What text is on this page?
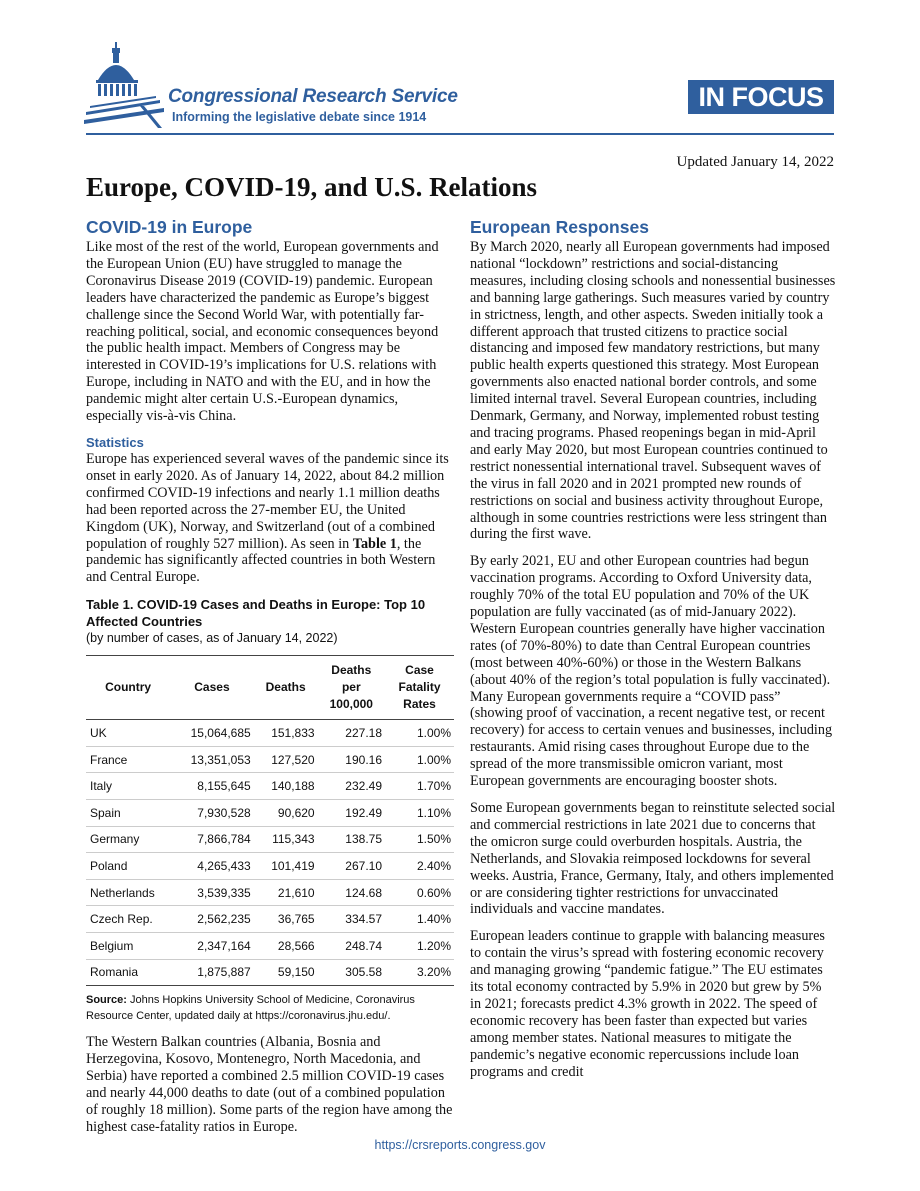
Congressional Research Service
Informing the legislative debate since 1914
IN FOCUS
Updated January 14, 2022
Europe, COVID-19, and U.S. Relations
COVID-19 in Europe

Like most of the rest of the world, European governments and the European Union (EU) have struggled to manage the Coronavirus Disease 2019 (COVID-19) pandemic. European leaders have characterized the pandemic as Europe’s biggest challenge since the Second World War, with potentially far-reaching political, social, and economic consequences beyond the public health impact. Members of Congress may be interested in COVID-19’s implications for U.S. relations with Europe, including in NATO and with the EU, and in how the pandemic might alter certain U.S.-European dynamics, especially vis-à-vis China.

Statistics

Europe has experienced several waves of the pandemic since its onset in early 2020. As of January 14, 2022, about 84.2 million confirmed COVID-19 infections and nearly 1.1 million deaths had been reported across the 27-member EU, the United Kingdom (UK), Norway, and Switzerland (out of a combined population of roughly 527 million). As seen in Table 1, the pandemic has significantly affected countries in both Western and Central Europe.

Table 1. COVID-19 Cases and Deaths in Europe: Top 10 Affected Countries
(by number of cases, as of January 14, 2022)
Country	Cases	Deaths	Deaths per 100,000	Case Fatality Rates
UK	15,064,685	151,833	227.18	1.00%
France	13,351,053	127,520	190.16	1.00%
Italy	8,155,645	140,188	232.49	1.70%
Spain	7,930,528	90,620	192.49	1.10%
Germany	7,866,784	115,343	138.75	1.50%
Poland	4,265,433	101,419	267.10	2.40%
Netherlands	3,539,335	21,610	124.68	0.60%
Czech Rep.	2,562,235	36,765	334.57	1.40%
Belgium	2,347,164	28,566	248.74	1.20%
Romania	1,875,887	59,150	305.58	3.20%
Source: Johns Hopkins University School of Medicine, Coronavirus Resource Center, updated daily at https://coronavirus.jhu.edu/.

The Western Balkan countries (Albania, Bosnia and Herzegovina, Kosovo, Montenegro, North Macedonia, and Serbia) have reported a combined 2.5 million COVID-19 cases and nearly 44,000 deaths to date (out of a combined population of roughly 18 million). Some parts of the region have among the highest case-fatality ratios in Europe.

European Responses

By March 2020, nearly all European governments had imposed national “lockdown” restrictions and social-distancing measures, including closing schools and nonessential businesses and banning large gatherings. Such measures varied by country in strictness, length, and other aspects. Sweden initially took a different approach that trusted citizens to practice social distancing and imposed few mandatory restrictions, but many public health experts questioned this strategy. Most European governments also enacted national border controls, and some limited internal travel. Several European countries, including Denmark, Germany, and Norway, implemented robust testing and tracing programs. Phased reopenings began in mid-April and early May 2020, but most European countries continued to restrict nonessential international travel. Subsequent waves of the virus in fall 2020 and in 2021 prompted new rounds of restrictions on social and business activity throughout Europe, although in some countries restrictions were less stringent than during the first wave.

By early 2021, EU and other European countries had begun vaccination programs. According to Oxford University data, roughly 70% of the total EU population and 70% of the UK population are fully vaccinated (as of mid-January 2022). Western European countries generally have higher vaccination rates (of 70%-80%) to date than Central European countries (most between 40%-60%) or those in the Western Balkans (about 40% of the region’s total population is fully vaccinated). Many European governments require a “COVID pass” (showing proof of vaccination, a recent negative test, or recent recovery) for access to certain venues and businesses, including restaurants. Amid rising cases throughout Europe due to the spread of the more transmissible omicron variant, most European governments are encouraging booster shots.

Some European governments began to reinstitute selected social and commercial restrictions in late 2021 due to concerns that the omicron surge could overburden hospitals. Austria, the Netherlands, and Slovakia reimposed lockdowns for several weeks. Austria, France, Germany, Italy, and others implemented or are considering tighter restrictions for unvaccinated individuals and vaccine mandates.

European leaders continue to grapple with balancing measures to contain the virus’s spread with fostering economic recovery and managing growing “pandemic fatigue.” The EU estimates its total economy contracted by 5.9% in 2020 but grew by 5% in 2021; forecasts predict 4.3% growth in 2022. The speed of economic recovery has been faster than expected but varies among member states. National measures to mitigate the pandemic’s negative economic repercussions include loan programs and credit

https://crsreports.congress.gov
